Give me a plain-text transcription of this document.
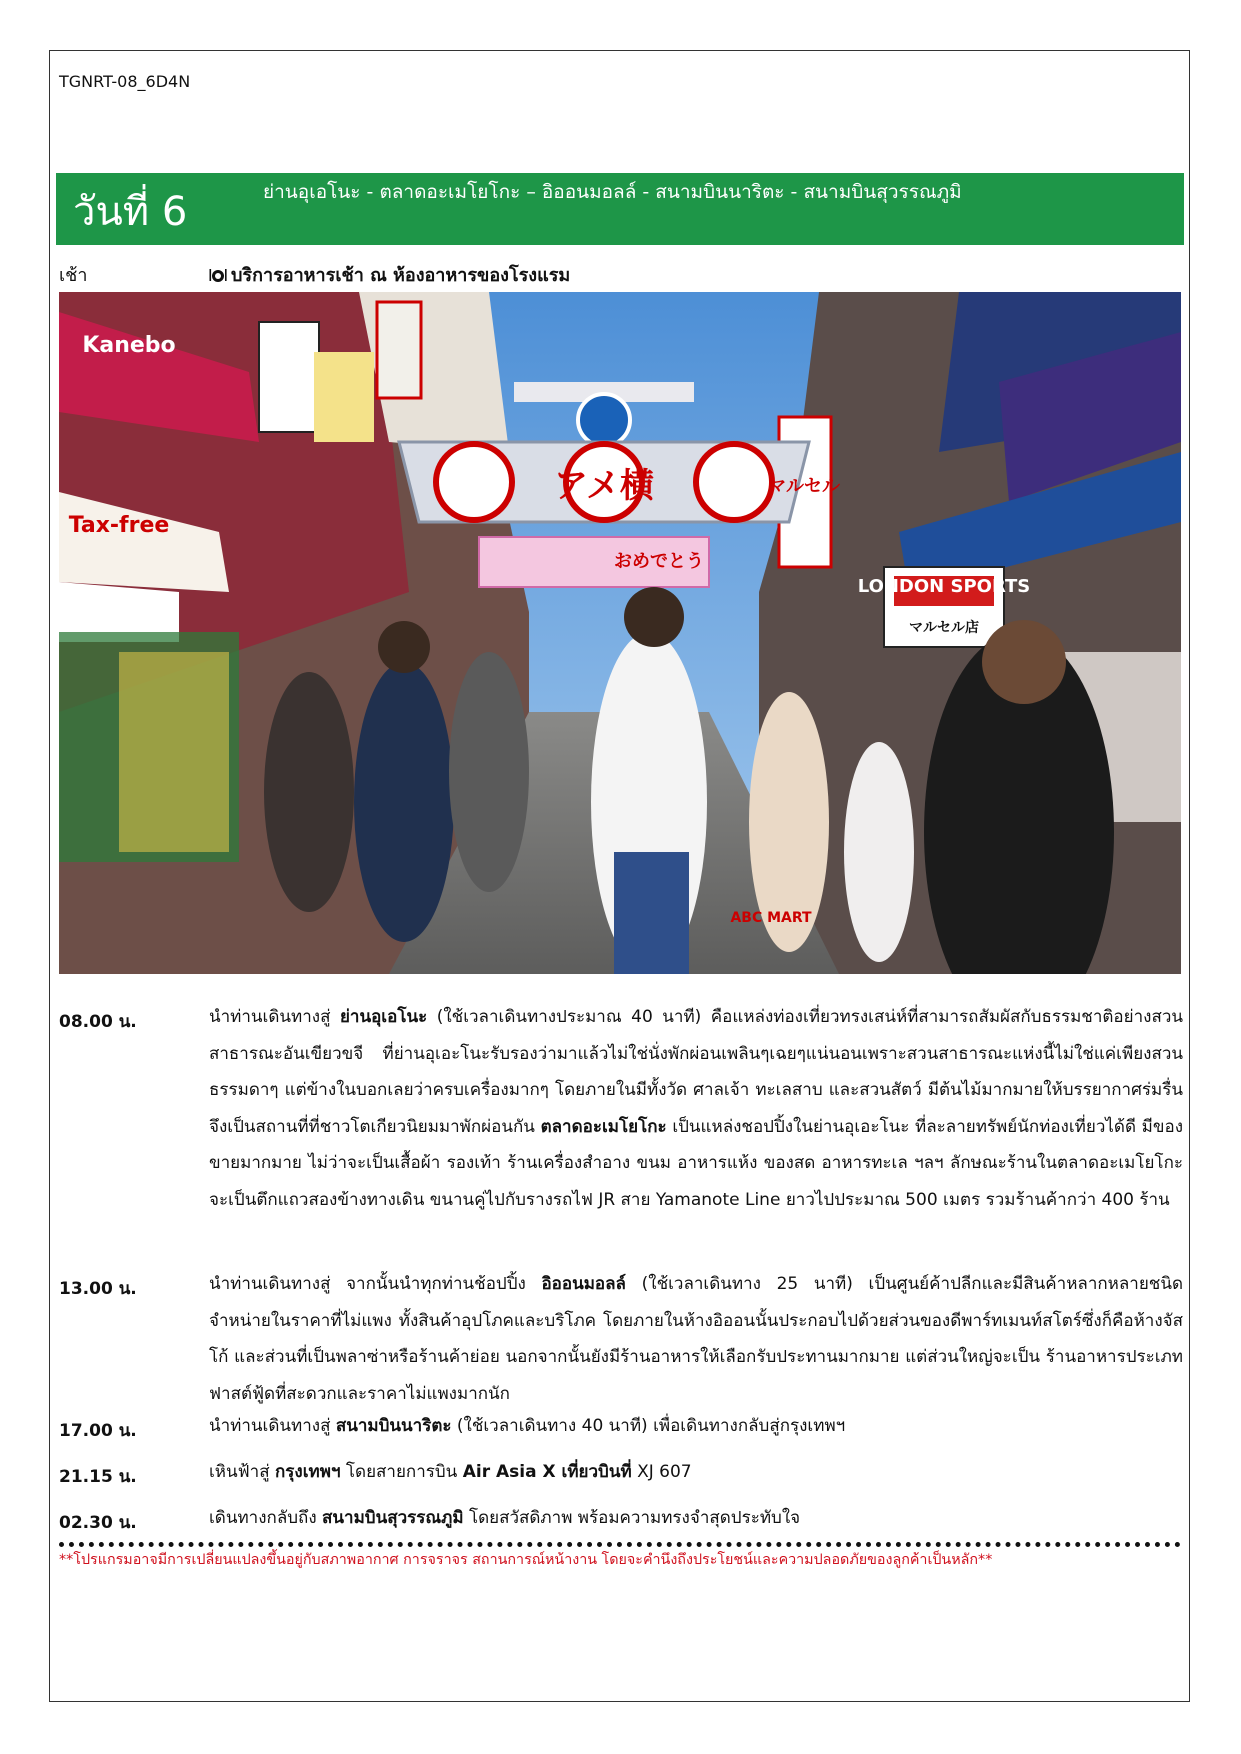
TGNRT-08_6D4N
วันที่ 6	ย่านอุเอโนะ - ตลาดอะเมโยโกะ – อิออนมอลล์ - สนามบินนาริตะ - สนามบินสุวรรณภูมิ
เช้า	บริการอาหารเช้า ณ ห้องอาหารของโรงแรม
アメ横	マルセル
LONDON SPORTS
マルセル店
Tax-free
Kanebo
おめでとう
ABC MART
08.00 น.	นำท่านเดินทางสู่ ย่านอุเอโนะ (ใช้เวลาเดินทางประมาณ 40 นาที) คือแหล่งท่องเที่ยวทรงเสน่ห์ที่สามารถสัมผัสกับธรรมชาติอย่างสวนสาธารณะอันเขียวขจี ที่ย่านอุเอะโนะรับรองว่ามาแล้วไม่ใช่นั่งพักผ่อนเพลินๆเฉยๆแน่นอนเพราะสวนสาธารณะแห่งนี้ไม่ใช่แค่เพียงสวนธรรมดาๆ แต่ข้างในบอกเลยว่าครบเครื่องมากๆ โดยภายในมีทั้งวัด ศาลเจ้า ทะเลสาบ และสวนสัตว์ มีต้นไม้มากมายให้บรรยากาศร่มรื่นจึงเป็นสถานที่ที่ชาวโตเกียวนิยมมาพักผ่อนกัน ตลาดอะเมโยโกะ เป็นแหล่งชอปปิ้งในย่านอุเอะโนะ ที่ละลายทรัพย์นักท่องเที่ยวได้ดี มีของขายมากมาย ไม่ว่าจะเป็นเสื้อผ้า รองเท้า ร้านเครื่องสำอาง ขนม อาหารแห้ง ของสด อาหารทะเล ฯลฯ ลักษณะร้านในตลาดอะเมโยโกะจะเป็นตึกแถวสองข้างทางเดิน ขนานคู่ไปกับรางรถไฟ JR สาย Yamanote Line ยาวไปประมาณ 500 เมตร รวมร้านค้ากว่า 400 ร้าน
13.00 น.	นำท่านเดินทางสู่ จากนั้นนำทุกท่านช้อปปิ้ง อิออนมอลล์ (ใช้เวลาเดินทาง 25 นาที) เป็นศูนย์ค้าปลีกและมีสินค้าหลากหลายชนิดจำหน่ายในราคาที่ไม่แพง ทั้งสินค้าอุปโภคและบริโภค โดยภายในห้างอิออนนั้นประกอบไปด้วยส่วนของดีพาร์ทเมนท์สโตร์ซึ่งก็คือห้างจัสโก้ และส่วนที่เป็นพลาซ่าหรือร้านค้าย่อย นอกจากนั้นยังมีร้านอาหารให้เลือกรับประทานมากมาย แต่ส่วนใหญ่จะเป็น ร้านอาหารประเภทฟาสต์ฟู้ดที่สะดวกและราคาไม่แพงมากนัก
17.00 น.	นำท่านเดินทางสู่ สนามบินนาริตะ (ใช้เวลาเดินทาง 40 นาที) เพื่อเดินทางกลับสู่กรุงเทพฯ
21.15 น.	เหินฟ้าสู่ กรุงเทพฯ โดยสายการบิน Air Asia X เที่ยวบินที่ XJ 607
02.30 น.	เดินทางกลับถึง สนามบินสุวรรณภูมิ โดยสวัสดิภาพ พร้อมความทรงจำสุดประทับใจ
**โปรแกรมอาจมีการเปลี่ยนแปลงขึ้นอยู่กับสภาพอากาศ การจราจร สถานการณ์หน้างาน โดยจะคำนึงถึงประโยชน์และความปลอดภัยของลูกค้าเป็นหลัก**
